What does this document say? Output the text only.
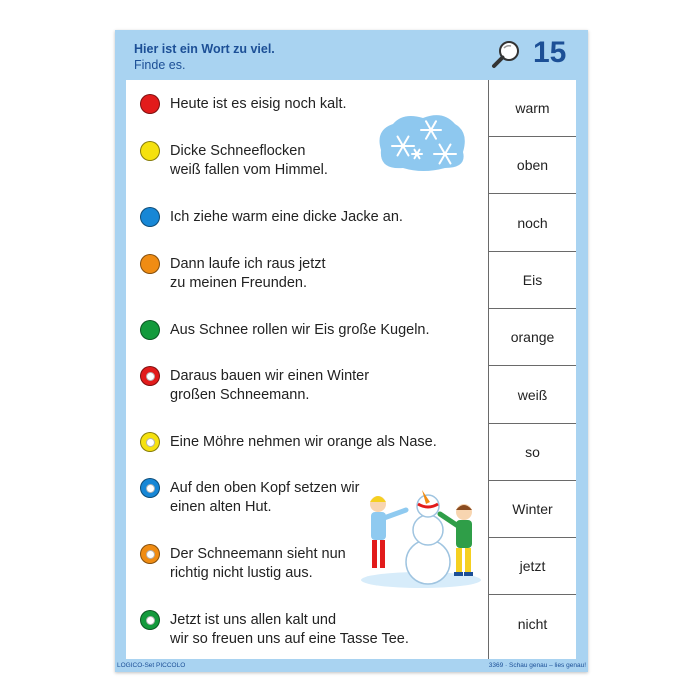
Hier ist ein Wort zu viel.
Finde es.	15
Heute ist es eisig noch kalt.
Dicke Schneeflocken
weiß fallen vom Himmel.
Ich ziehe warm eine dicke Jacke an.
Dann laufe ich raus jetzt
zu meinen Freunden.
Aus Schnee rollen wir Eis große Kugeln.
Daraus bauen wir einen Winter
großen Schneemann.
Eine Möhre nehmen wir orange als Nase.
Auf den oben Kopf setzen wir
einen alten Hut.
Der Schneemann sieht nun
richtig nicht lustig aus.
Jetzt ist uns allen kalt und
wir so freuen uns auf eine Tasse Tee.
warm
oben
noch
Eis
orange
weiß
so
Winter
jetzt
nicht
LOGICO-Set PICCOLO	3369 · Schau genau – lies genau!
